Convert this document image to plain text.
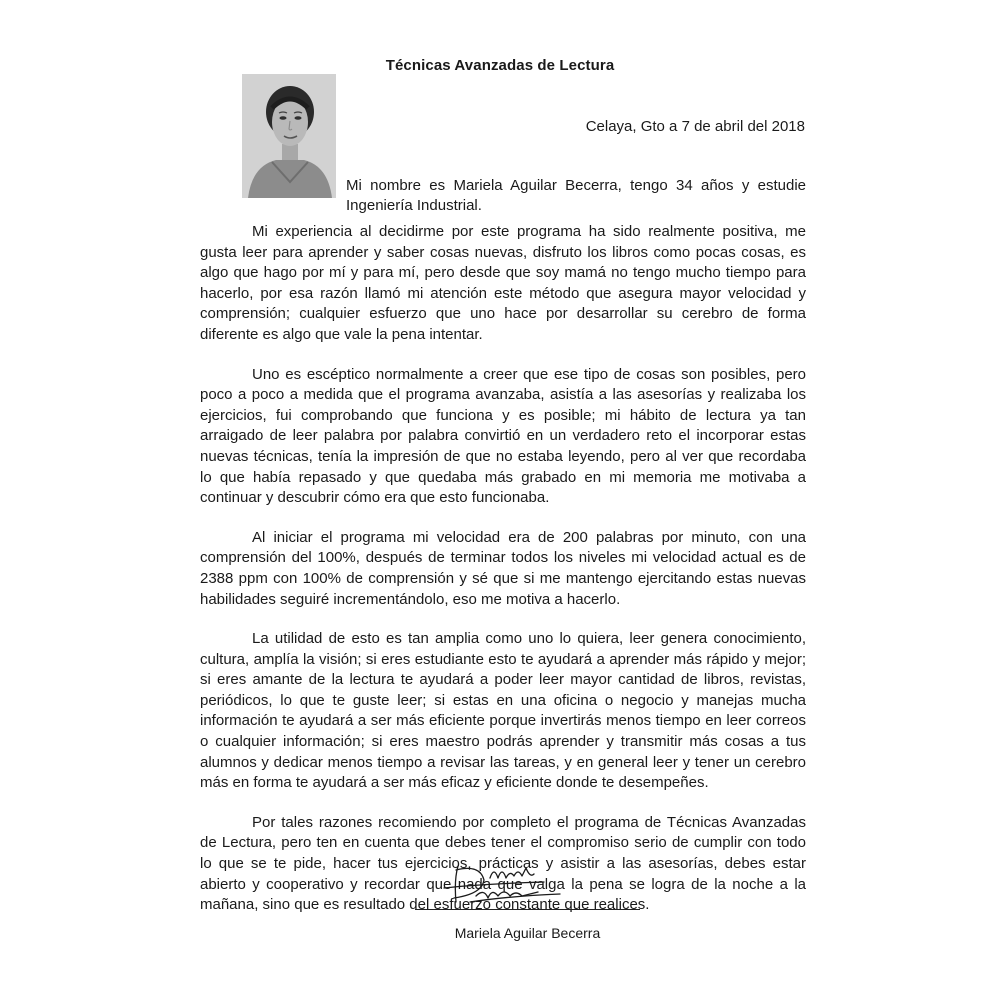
Técnicas Avanzadas de Lectura
Celaya, Gto a 7 de abril del 2018
Mi nombre es Mariela Aguilar Becerra, tengo 34 años y estudie Ingeniería Industrial.

Mi experiencia al decidirme por este programa ha sido realmente positiva, me gusta leer para aprender y saber cosas nuevas, disfruto los libros como pocas cosas, es algo que hago por mí y para mí, pero desde que soy mamá no tengo mucho tiempo para hacerlo, por esa razón llamó mi atención este método que asegura mayor velocidad y comprensión; cualquier esfuerzo que uno hace por desarrollar su cerebro de forma diferente es algo que vale la pena intentar.

Uno es escéptico normalmente a creer que ese tipo de cosas son posibles, pero poco a poco a medida que el programa avanzaba, asistía a las asesorías y realizaba los ejercicios, fui comprobando que funciona y es posible; mi hábito de lectura ya tan arraigado de leer palabra por palabra convirtió en un verdadero reto el incorporar estas nuevas técnicas, tenía la impresión de que no estaba leyendo, pero al ver que recordaba lo que había repasado y que quedaba más grabado en mi memoria me motivaba a continuar y descubrir cómo era que esto funcionaba.

Al iniciar el programa mi velocidad era de 200 palabras por minuto, con una comprensión del 100%, después de terminar todos los niveles mi velocidad actual es de 2388 ppm con 100% de comprensión y sé que si me mantengo ejercitando estas nuevas habilidades seguiré incrementándolo, eso me motiva a hacerlo.

La utilidad de esto es tan amplia como uno lo quiera, leer genera conocimiento, cultura, amplía la visión; si eres estudiante esto te ayudará a aprender más rápido y mejor; si eres amante de la lectura te ayudará a poder leer mayor cantidad de libros, revistas, periódicos, lo que te guste leer; si estas en una oficina o negocio y manejas mucha información te ayudará a ser más eficiente porque invertirás menos tiempo en leer correos o cualquier información; si eres maestro podrás aprender y transmitir más cosas a tus alumnos y dedicar menos tiempo a revisar las tareas, y en general leer y tener un cerebro más en forma te ayudará a ser más eficaz y eficiente donde te desempeñes.

Por tales razones recomiendo por completo el programa de Técnicas Avanzadas de Lectura, pero ten en cuenta que debes tener el compromiso serio de cumplir con todo lo que se te pide, hacer tus ejercicios, prácticas y asistir a las asesorías, debes estar abierto y cooperativo y recordar que nada que valga la pena se logra de la noche a la mañana, sino que es resultado del esfuerzo constante que realices.

Mariela Aguilar Becerra
